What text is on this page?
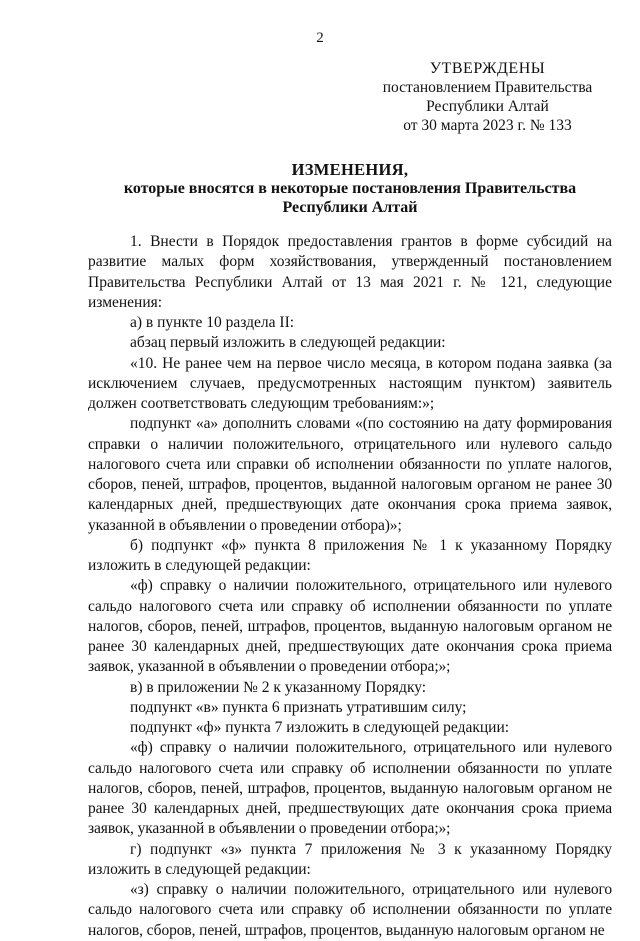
2
УТВЕРЖДЕНЫ
постановлением Правительства
Республики Алтай
от 30 марта 2023 г. № 133
ИЗМЕНЕНИЯ,
которые вносятся в некоторые постановления Правительства
Республики Алтай

1. Внести в Порядок предоставления грантов в форме субсидий на развитие малых форм хозяйствования, утвержденный постановлением Правительства Республики Алтай от 13 мая 2021 г. № 121, следующие изменения:

а) в пункте 10 раздела II:

абзац первый изложить в следующей редакции:

«10. Не ранее чем на первое число месяца, в котором подана заявка (за исключением случаев, предусмотренных настоящим пунктом) заявитель должен соответствовать следующим требованиям:»;

подпункт «а» дополнить словами «(по состоянию на дату формирования справки о наличии положительного, отрицательного или нулевого сальдо налогового счета или справки об исполнении обязанности по уплате налогов, сборов, пеней, штрафов, процентов, выданной налоговым органом не ранее 30 календарных дней, предшествующих дате окончания срока приема заявок, указанной в объявлении о проведении отбора)»;

б) подпункт «ф» пункта 8 приложения № 1 к указанному Порядку изложить в следующей редакции:

«ф) справку о наличии положительного, отрицательного или нулевого сальдо налогового счета или справку об исполнении обязанности по уплате налогов, сборов, пеней, штрафов, процентов, выданную налоговым органом не ранее 30 календарных дней, предшествующих дате окончания срока приема заявок, указанной в объявлении о проведении отбора;»;

в) в приложении № 2 к указанному Порядку:

подпункт «в» пункта 6 признать утратившим силу;

подпункт «ф» пункта 7 изложить в следующей редакции:

«ф) справку о наличии положительного, отрицательного или нулевого сальдо налогового счета или справку об исполнении обязанности по уплате налогов, сборов, пеней, штрафов, процентов, выданную налоговым органом не ранее 30 календарных дней, предшествующих дате окончания срока приема заявок, указанной в объявлении о проведении отбора;»;

г) подпункт «з» пункта 7 приложения № 3 к указанному Порядку изложить в следующей редакции:

«з) справку о наличии положительного, отрицательного или нулевого сальдо налогового счета или справку об исполнении обязанности по уплате налогов, сборов, пеней, штрафов, процентов, выданную налоговым органом не
